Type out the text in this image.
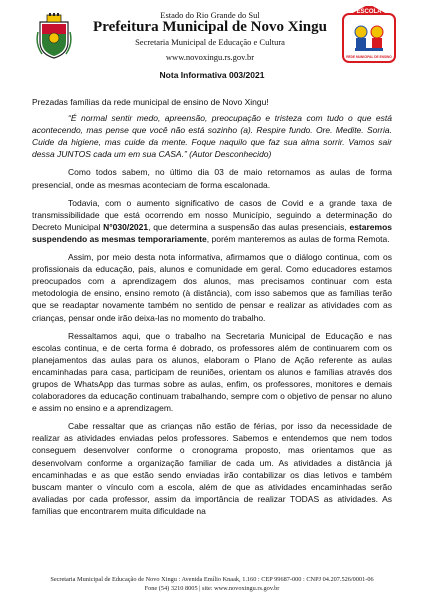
Estado do Rio Grande do Sul
Prefeitura Municipal de Novo Xingu
Secretaria Municipal de Educação e Cultura
www.novoxingu.rs.gov.br
ESCOLA
REDE MUNICIPAL DE ENSINO
Nota Informativa 003/2021

Prezadas famílias da rede municipal de ensino de Novo Xingu!

“É normal sentir medo, apreensão, preocupação e tristeza com tudo o que está acontecendo, mas pense que você não está sozinho (a). Respire fundo. Ore. Medite. Sorria. Cuide da higiene, mas cuide da mente. Foque naquilo que faz sua alma sorrir. Vamos sair dessa JUNTOS cada um em sua CASA.” (Autor Desconhecido)

Como todos sabem, no último dia 03 de maio retornamos as aulas de forma presencial, onde as mesmas aconteciam de forma escalonada.

Todavia, com o aumento significativo de casos de Covid e a grande taxa de transmissibilidade que está ocorrendo em nosso Município, seguindo a determinação do Decreto Municipal N°030/2021, que determina a suspensão das aulas presenciais, estaremos suspendendo as mesmas temporariamente, porém manteremos as aulas de forma Remota.

Assim, por meio desta nota informativa, afirmamos que o diálogo continua, com os profissionais da educação, pais, alunos e comunidade em geral. Como educadores estamos preocupados com a aprendizagem dos alunos, mas precisamos continuar com esta metodologia de ensino, ensino remoto (à distância), com isso sabemos que as famílias terão que se readaptar novamente também no sentido de pensar e realizar as atividades com as crianças, pensar onde irão deixa-las no momento do trabalho.

Ressaltamos aqui, que o trabalho na Secretaria Municipal de Educação e nas escolas continua, e de certa forma é dobrado, os professores além de continuarem com os planejamentos das aulas para os alunos, elaboram o Plano de Ação referente as aulas encaminhadas para casa, participam de reuniões, orientam os alunos e famílias através dos grupos de WhatsApp das turmas sobre as aulas, enfim, os professores, monitores e demais colaboradores da educação continuam trabalhando, sempre com o objetivo de pensar no aluno e assim no ensino e a aprendizagem.

Cabe ressaltar que as crianças não estão de férias, por isso da necessidade de realizar as atividades enviadas pelos professores. Sabemos e entendemos que nem todos conseguem desenvolver conforme o cronograma proposto, mas orientamos que as desenvolvam conforme a organização familiar de cada um. As atividades a distância já encaminhadas e as que estão sendo enviadas irão contabilizar os dias letivos e também buscam manter o vínculo com a escola, além de que as atividades encaminhadas serão avaliadas por cada professor, assim da importância de realizar TODAS as atividades. As famílias que encontrarem muita dificuldade na

Secretaria Municipal de Educação de Novo Xingu : Avenida Emílio Knaak, 1.160 : CEP 99687-000 : CNPJ 04.207.526/0001-06
Fone (54) 3210 8005 | site: www.novoxingu.rs.gov.br
